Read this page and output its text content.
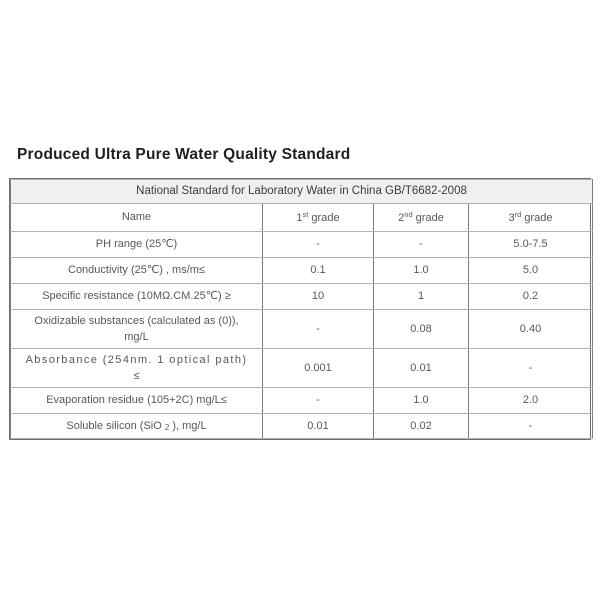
Produced Ultra Pure Water Quality Standard
National Standard for Laboratory Water in China GB/T6682-2008			
Name	1st grade	2nd grade	3rd grade
PH range (25℃)	-	-	5.0-7.5
Conductivity (25℃) , ms/m≤	0.1	1.0	5.0
Specific resistance (10MΩ.CM.25℃) ≥	10	1	0.2

Oxidizable substances (calculated as (0)),
mg/L	-	0.08	0.40

Absorbance (254nm. 1 optical path)
≤	0.001	0.01	-
Evaporation residue (105+2C) mg/L≤	-	1.0	2.0
Soluble silicon (SiO 2 ), mg/L	0.01	0.02	-
